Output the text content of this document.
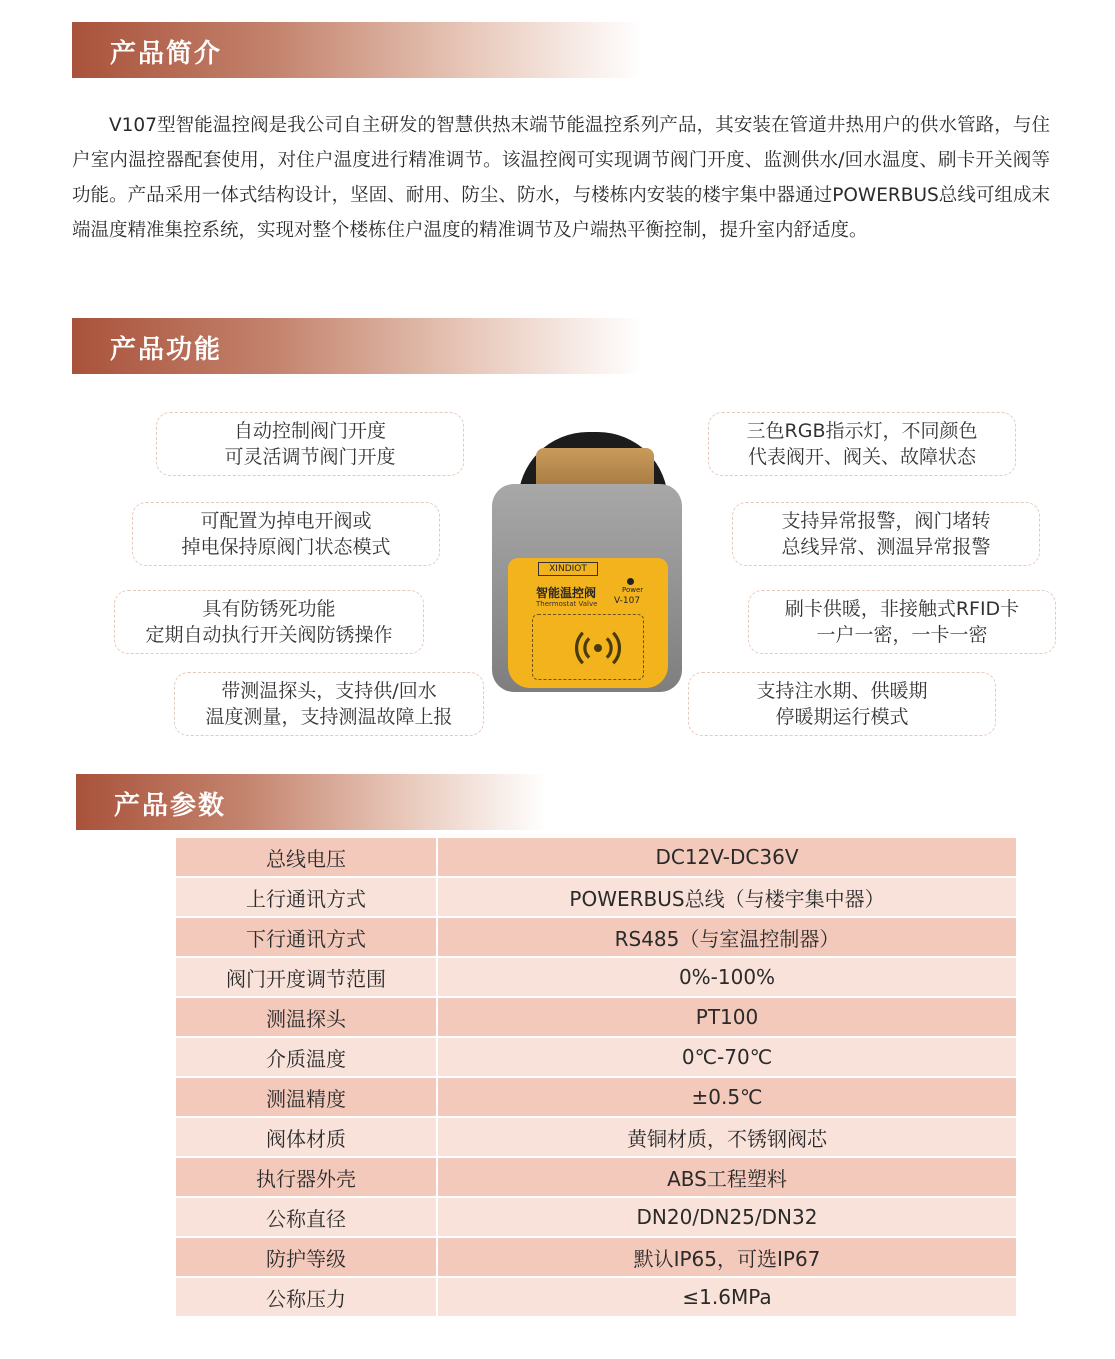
产品简介

V107型智能温控阀是我公司自主研发的智慧供热末端节能温控系列产品，其安装在管道井热用户的供水管路，与住户室内温控器配套使用，对住户温度进行精准调节。该温控阀可实现调节阀门开度、监测供水/回水温度、刷卡开关阀等功能。产品采用一体式结构设计，坚固、耐用、防尘、防水，与楼栋内安装的楼宇集中器通过POWERBUS总线可组成末端温度精准集控系统，实现对整个楼栋住户温度的精准调节及户端热平衡控制，提升室内舒适度。

产品功能
自动控制阀门开度
可灵活调节阀门开度
可配置为掉电开阀或
掉电保持原阀门状态模式
具有防锈死功能
定期自动执行开关阀防锈操作
带测温探头，支持供/回水
温度测量，支持测温故障上报
三色RGB指示灯，不同颜色
代表阀开、阀关、故障状态
支持异常报警，阀门堵转
总线异常、测温异常报警
刷卡供暖，非接触式RFID卡
一户一密，一卡一密
支持注水期、供暖期
停暖期运行模式
XINDIOT
智能温控阀
Thermostat Valve
Power
V-107
产品参数
总线电压	DC12V-DC36V
上行通讯方式	POWERBUS总线（与楼宇集中器）
下行通讯方式	RS485（与室温控制器）
阀门开度调节范围	0%-100%
测温探头	PT100
介质温度	0℃-70℃
测温精度	±0.5℃
阀体材质	黄铜材质，不锈钢阀芯
执行器外壳	ABS工程塑料
公称直径	DN20/DN25/DN32
防护等级	默认IP65，可选IP67
公称压力	≤1.6MPa
